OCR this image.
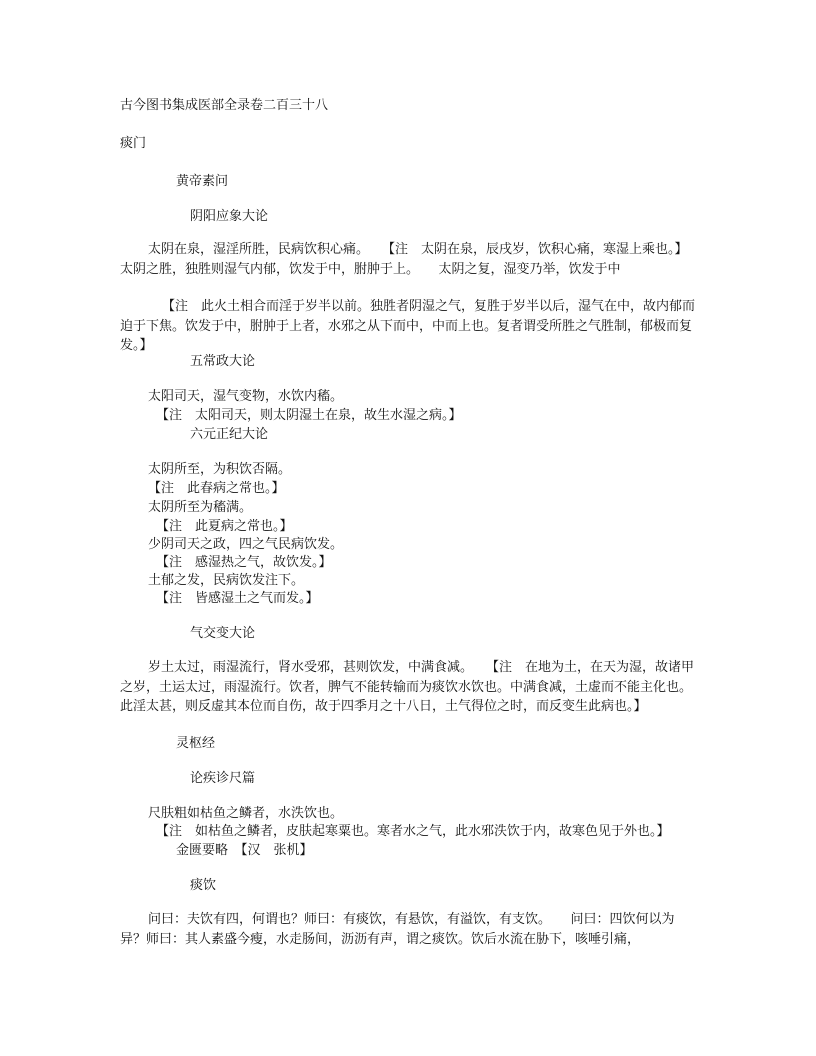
古今图书集成医部全录卷二百三十八
痰门
黄帝素问
阴阳应象大论
太阴在泉，湿淫所胜，民病饮积心痛。　　【注　太阴在泉，辰戌岁，饮积心痛，寒湿上乘也。】　　太阴之胜，独胜则湿气内郁，饮发于中，胕肿于上。　　太阴之复，湿变乃举，饮发于中
【注　此火土相合而淫于岁半以前。独胜者阴湿之气，复胜于岁半以后，湿气在中，故内郁而迫于下焦。饮发于中，胕肿于上者，水邪之从下而中，中而上也。复者谓受所胜之气胜制，郁极而复发。】
五常政大论
太阳司天，湿气变物，水饮内稸。
【注　太阳司天，则太阴湿土在泉，故生水湿之病。】
六元正纪大论
太阴所至，为积饮否隔。
【注　此春病之常也。】
太阴所至为稸满。
【注　此夏病之常也。】
少阴司天之政，四之气民病饮发。
【注　感湿热之气，故饮发。】
土郁之发，民病饮发注下。
【注　皆感湿土之气而发。】
气交变大论
岁土太过，雨湿流行，肾水受邪，甚则饮发，中满食减。　　【注　在地为土，在天为湿，故诸甲之岁，土运太过，雨湿流行。饮者，脾气不能转输而为痰饮水饮也。中满食减，土虚而不能主化也。此淫太甚，则反虚其本位而自伤，故于四季月之十八日，土气得位之时，而反变生此病也。】
灵枢经
论疾诊尺篇
尺肤粗如枯鱼之鳞者，水泆饮也。
【注　如枯鱼之鳞者，皮肤起寒粟也。寒者水之气，此水邪泆饮于内，故寒色见于外也。】
金匮要略　【汉　张机】
痰饮
问曰：夫饮有四，何谓也？师曰：有痰饮，有悬饮，有溢饮，有支饮。　　问曰：四饮何以为异？师曰：其人素盛今瘦，水走肠间，沥沥有声，谓之痰饮。饮后水流在胁下，咳唾引痛，
